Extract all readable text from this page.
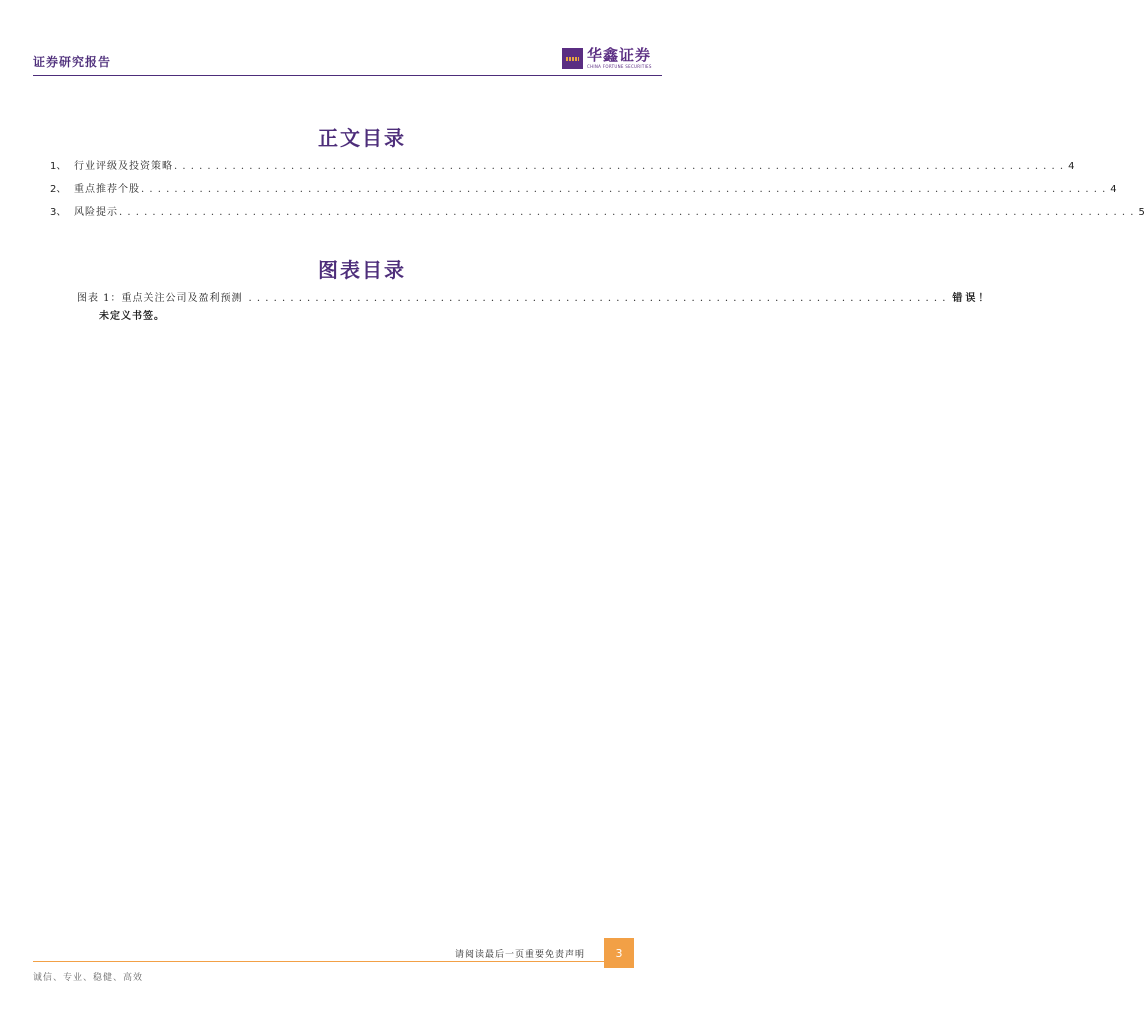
证券研究报告	华鑫证券
CHINA FORTUNE SECURITIES
正文目录
1、 行业评级及投资策略 . . . . . . . . . . . . . . . . . . . . . . . . . . . . . . . . . . . . . . . . . . . . . . . . . . . . . . . . . . . . . . . . . . . . . . . . . . . . . . . . . . . . . . . . . . . . . . . . . . . . . . . . . . . 4
2、 重点推荐个股 . . . . . . . . . . . . . . . . . . . . . . . . . . . . . . . . . . . . . . . . . . . . . . . . . . . . . . . . . . . . . . . . . . . . . . . . . . . . . . . . . . . . . . . . . . . . . . . . . . . . . . . . . . . . . . . . . . . . 4
3、 风险提示 . . . . . . . . . . . . . . . . . . . . . . . . . . . . . . . . . . . . . . . . . . . . . . . . . . . . . . . . . . . . . . . . . . . . . . . . . . . . . . . . . . . . . . . . . . . . . . . . . . . . . . . . . . . . . . . . . . . . . . . . . . 5
图表目录
图表 1：重点关注公司及盈利预测 . . . . . . . . . . . . . . . . . . . . . . . . . . . . . . . . . . . . . . . . . . . . . . . . . . . . . . . . . . . . . . . . . . . . . . . . . . . . . . . . . . . . 错误！
未定义书签。
请阅读最后一页重要免责声明	3
诚信、专业、稳健、高效
